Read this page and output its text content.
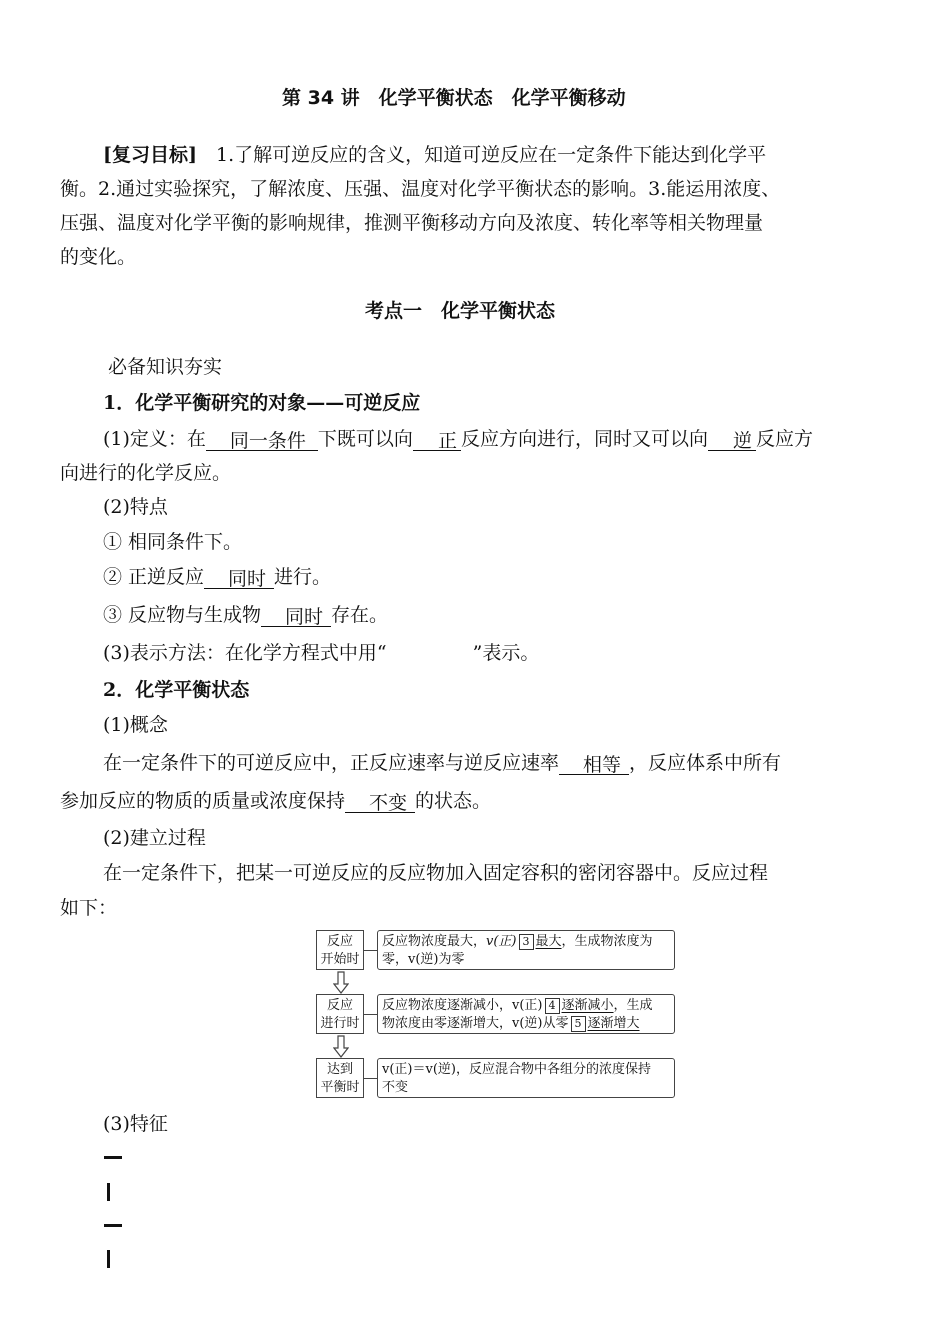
第 34 讲　化学平衡状态　化学平衡移动
[复习目标]　1.了解可逆反应的含义，知道可逆反应在一定条件下能达到化学平
衡。2.通过实验探究，了解浓度、压强、温度对化学平衡状态的影响。3.能运用浓度、
压强、温度对化学平衡的影响规律，推测平衡移动方向及浓度、转化率等相关物理量
的变化。
考点一　化学平衡状态
必备知识夯实
1．化学平衡研究的对象——可逆反应
(1)定义：在 同一条件 下既可以向 正 反应方向进行，同时又可以向 逆 反应方
向进行的化学反应。
(2)特点
① 相同条件下。
② 正逆反应 同时 进行。
③ 反应物与生成物 同时 存在。
(3)表示方法：在化学方程式中用“	”表示。
2．化学平衡状态
(1)概念
在一定条件下的可逆反应中，正反应速率与逆反应速率 相等 ，反应体系中所有
参加反应的物质的质量或浓度保持 不变 的状态。
(2)建立过程
在一定条件下，把某一可逆反应的反应物加入固定容积的密闭容器中。反应过程
如下：
反应
开始时
反应物浓度最大，v(正) 3 最大，生成物浓度为
零，v(逆)为零
反应
进行时
反应物浓度逐渐减小，v(正) 4 逐渐减小，生成
物浓度由零逐渐增大，v(逆)从零 5 逐渐增大
达到
平衡时
v(正)＝v(逆)，反应混合物中各组分的浓度保持
不变
(3)特征
